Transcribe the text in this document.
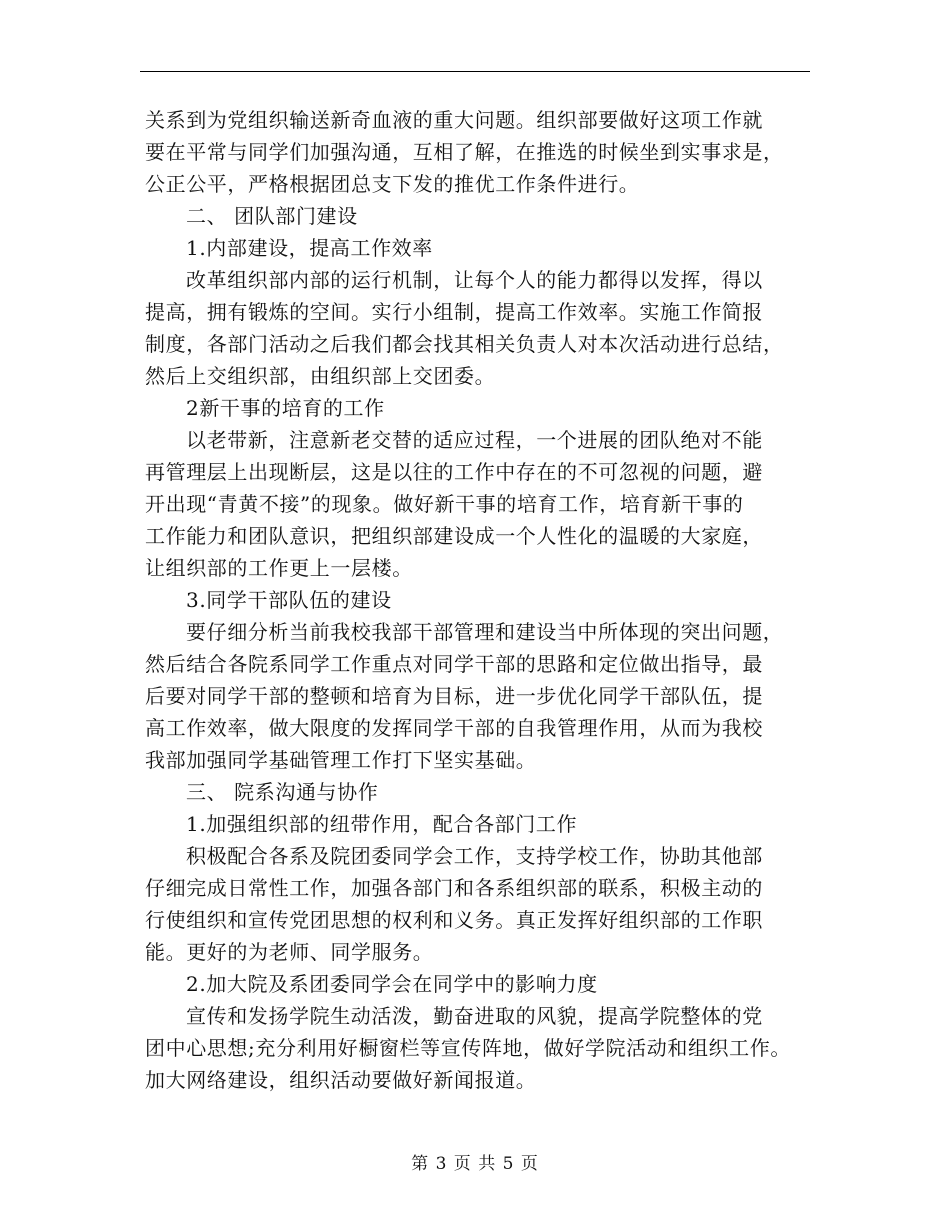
关系到为党组织输送新奇血液的重大问题。组织部要做好这项工作就
要在平常与同学们加强沟通，互相了解，在推选的时候坐到实事求是，
公正公平，严格根据团总支下发的推优工作条件进行。
二、 团队部门建设
1.内部建设，提高工作效率
改革组织部内部的运行机制，让每个人的能力都得以发挥，得以
提高，拥有锻炼的空间。实行小组制，提高工作效率。实施工作简报
制度，各部门活动之后我们都会找其相关负责人对本次活动进行总结，
然后上交组织部，由组织部上交团委。
2新干事的培育的工作
以老带新，注意新老交替的适应过程，一个进展的团队绝对不能
再管理层上出现断层，这是以往的工作中存在的不可忽视的问题，避
开出现“青黄不接”的现象。做好新干事的培育工作，培育新干事的
工作能力和团队意识，把组织部建设成一个人性化的温暖的大家庭，
让组织部的工作更上一层楼。
3.同学干部队伍的建设
要仔细分析当前我校我部干部管理和建设当中所体现的突出问题，
然后结合各院系同学工作重点对同学干部的思路和定位做出指导，最
后要对同学干部的整顿和培育为目标，进一步优化同学干部队伍，提
高工作效率，做大限度的发挥同学干部的自我管理作用，从而为我校
我部加强同学基础管理工作打下坚实基础。
三、 院系沟通与协作
1.加强组织部的纽带作用，配合各部门工作
积极配合各系及院团委同学会工作，支持学校工作，协助其他部
仔细完成日常性工作，加强各部门和各系组织部的联系，积极主动的
行使组织和宣传党团思想的权利和义务。真正发挥好组织部的工作职
能。更好的为老师、同学服务。
2.加大院及系团委同学会在同学中的影响力度
宣传和发扬学院生动活泼，勤奋进取的风貌，提高学院整体的党
团中心思想;充分利用好橱窗栏等宣传阵地，做好学院活动和组织工作。
加大网络建设，组织活动要做好新闻报道。
第 3 页 共 5 页
